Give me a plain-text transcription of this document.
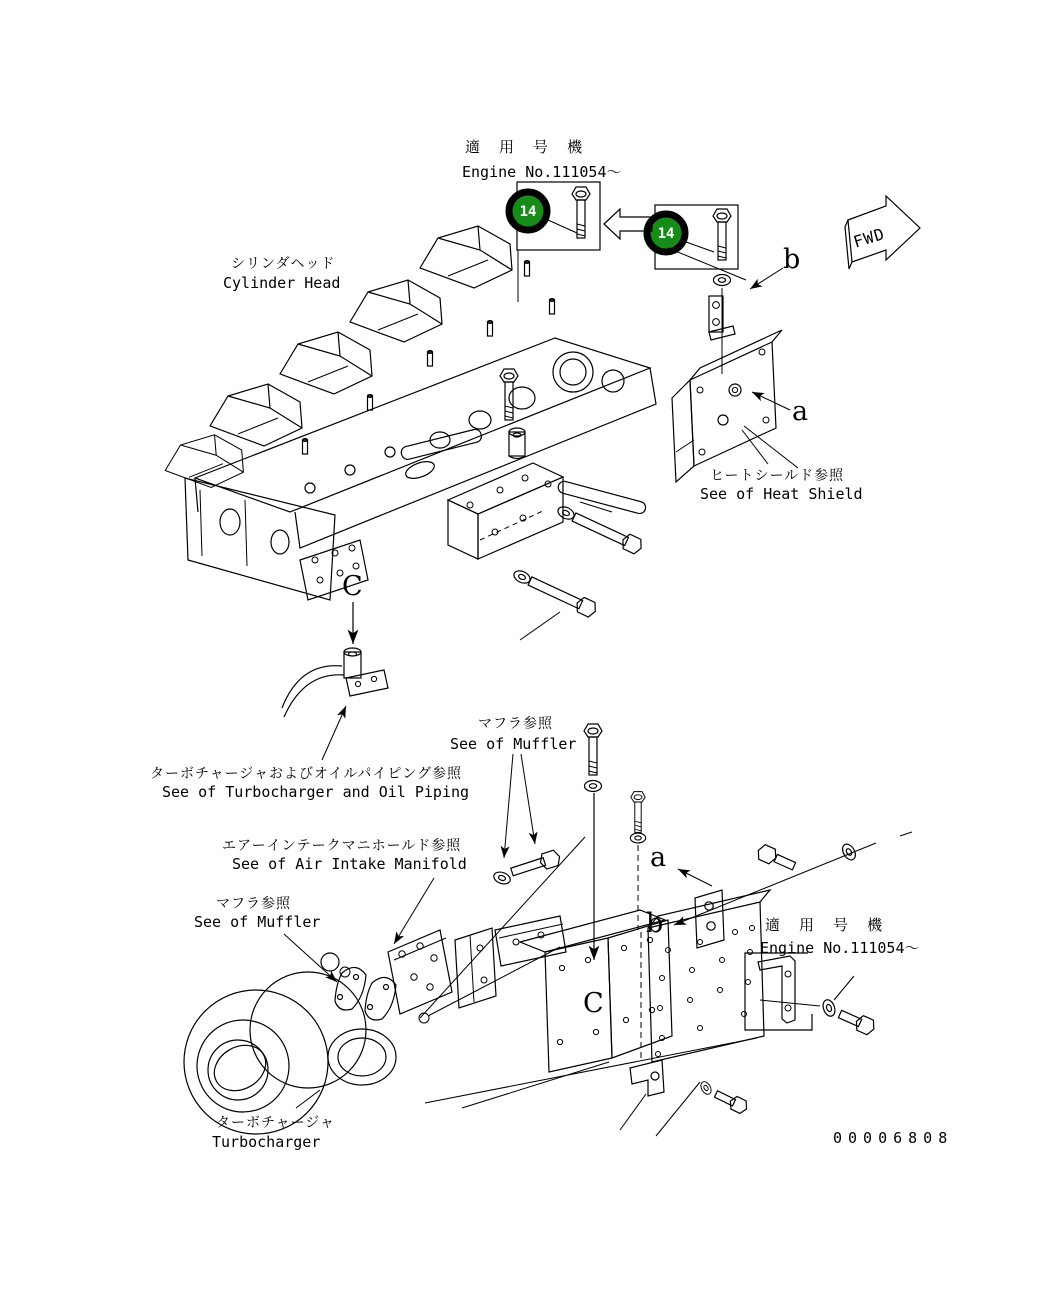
適 用 号 機
Engine No.111054～
14
14	FWD
b
a
C
シリンダヘッド
Cylinder Head
ヒートシールド参照
See of Heat Shield
ターボチャージャおよびオイルパイピング参照
See of Turbocharger and Oil Piping
エアーインテークマニホールド参照
See of Air Intake Manifold
マフラ参照
See of Muffler
マフラ参照
See of Muffler
a
b
C
適 用 号 機
Engine No.111054～
ターボチャージャ
Turbocharger	00006808
